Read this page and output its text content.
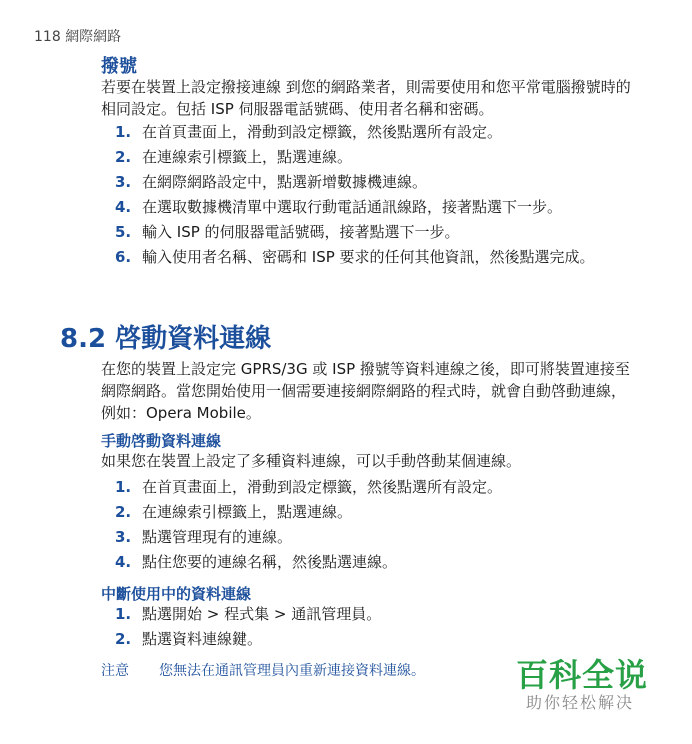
118 網際網路
撥號
若要在裝置上設定撥接連線 到您的網路業者，則需要使用和您平常電腦撥號時的相同設定。包括 ISP 伺服器電話號碼、使用者名稱和密碼。
1. 在首頁畫面上，滑動到設定標籤，然後點選所有設定。
2. 在連線索引標籤上，點選連線。
3. 在網際網路設定中，點選新增數據機連線。
4. 在選取數據機清單中選取行動電話通訊線路，接著點選下一步。
5. 輸入 ISP 的伺服器電話號碼，接著點選下一步。
6. 輸入使用者名稱、密碼和 ISP 要求的任何其他資訊，然後點選完成。
8.2 啓動資料連線
在您的裝置上設定完 GPRS/3G 或 ISP 撥號等資料連線之後，即可將裝置連接至網際網路。當您開始使用一個需要連接網際網路的程式時，就會自動啓動連線，例如：Opera Mobile。
手動啓動資料連線
如果您在裝置上設定了多種資料連線，可以手動啓動某個連線。
1. 在首頁畫面上，滑動到設定標籤，然後點選所有設定。
2. 在連線索引標籤上，點選連線。
3. 點選管理現有的連線。
4. 點住您要的連線名稱，然後點選連線。
中斷使用中的資料連線
1. 點選開始 > 程式集 > 通訊管理員。
2. 點選資料連線鍵。
注意 您無法在通訊管理員內重新連接資料連線。	百科全说
助你轻松解决
